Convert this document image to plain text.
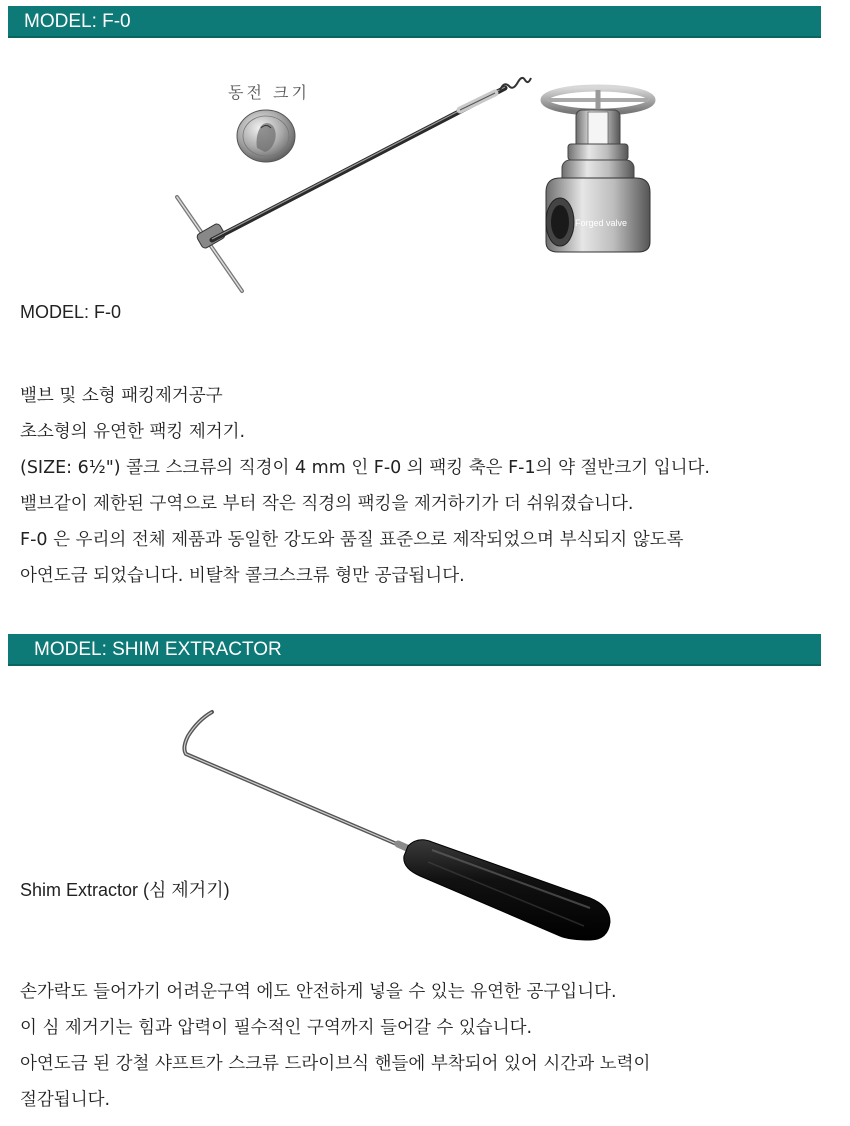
MODEL: F-0
동전 크기
Forged valve
MODEL: F-0
밸브 및 소형 패킹제거공구
초소형의 유연한 팩킹 제거기.
(SIZE: 6½") 콜크 스크류의 직경이 4 mm 인 F-0 의 팩킹 축은 F-1의 약 절반크기 입니다.
밸브같이 제한된 구역으로 부터 작은 직경의 팩킹을 제거하기가 더 쉬워졌습니다.
F-0 은 우리의 전체 제품과 동일한 강도와 품질 표준으로 제작되었으며 부식되지 않도록
아연도금 되었습니다. 비탈착 콜크스크류 형만 공급됩니다.
MODEL: SHIM EXTRACTOR
Shim Extractor (심 제거기)
손가락도 들어가기 어려운구역 에도 안전하게 넣을 수 있는 유연한 공구입니다.
이 심 제거기는 힘과 압력이 필수적인 구역까지 들어갈 수 있습니다.
아연도금 된 강철 샤프트가 스크류 드라이브식 핸들에 부착되어 있어 시간과 노력이
절감됩니다.
